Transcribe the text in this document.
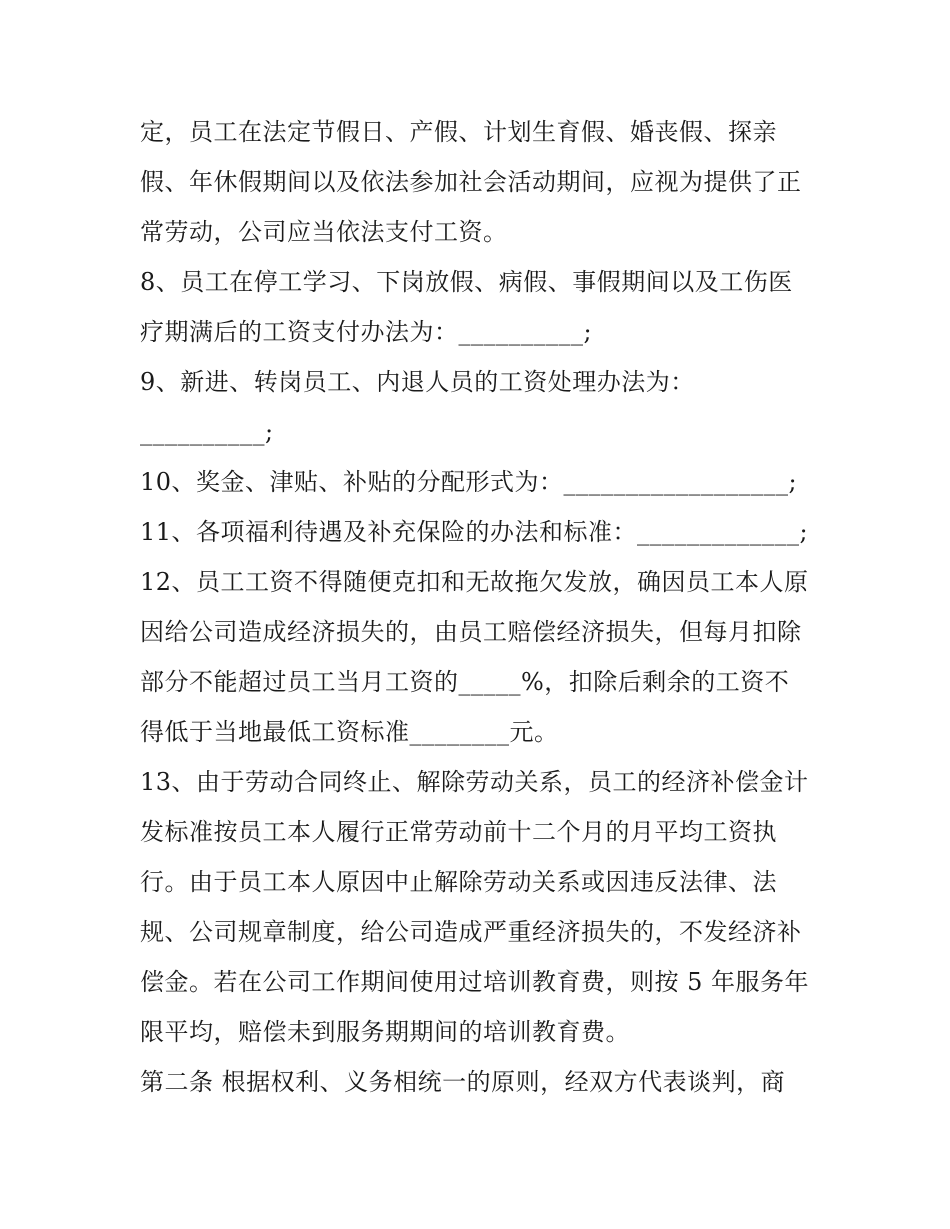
定，员工在法定节假日、产假、计划生育假、婚丧假、探亲
假、年休假期间以及依法参加社会活动期间，应视为提供了正
常劳动，公司应当依法支付工资。
8、员工在停工学习、下岗放假、病假、事假期间以及工伤医
疗期满后的工资支付办法为：__________;
9、新进、转岗员工、内退人员的工资处理办法为：
__________;
10、奖金、津贴、补贴的分配形式为：__________________;
11、各项福利待遇及补充保险的办法和标准：_____________;
12、员工工资不得随便克扣和无故拖欠发放，确因员工本人原
因给公司造成经济损失的，由员工赔偿经济损失，但每月扣除
部分不能超过员工当月工资的_____%，扣除后剩余的工资不
得低于当地最低工资标准________元。
13、由于劳动合同终止、解除劳动关系，员工的经济补偿金计
发标准按员工本人履行正常劳动前十二个月的月平均工资执
行。由于员工本人原因中止解除劳动关系或因违反法律、法
规、公司规章制度，给公司造成严重经济损失的，不发经济补
偿金。若在公司工作期间使用过培训教育费，则按 5 年服务年
限平均，赔偿未到服务期期间的培训教育费。
第二条 根据权利、义务相统一的原则，经双方代表谈判，商
